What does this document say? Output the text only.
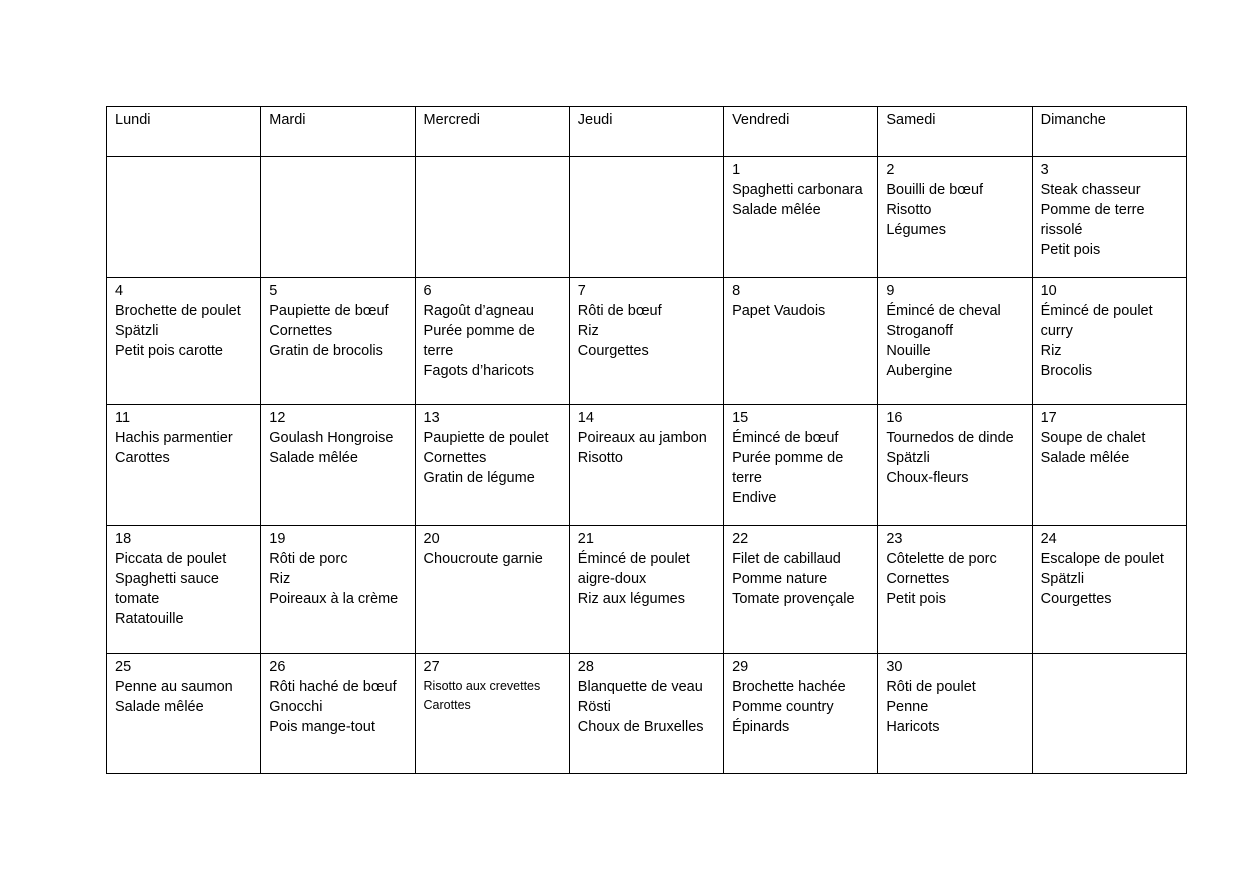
Lundi	Mardi	Mercredi	Jeudi	Vendredi	Samedi	Dimanche

				1
Spaghetti carbonara
Salade mêlée	2
Bouilli de bœuf
Risotto
Légumes	3
Steak chasseur
Pomme de terre rissolé
Petit pois

4
Brochette de poulet
Spätzli
Petit pois carotte	5
Paupiette de bœuf
Cornettes
Gratin de brocolis	6
Ragoût d’agneau
Purée pomme de terre
Fagots d’haricots	7
Rôti de bœuf
Riz
Courgettes	8
Papet Vaudois	9
Émincé de cheval Stroganoff
Nouille
Aubergine	10
Émincé de poulet curry
Riz
Brocolis

11
Hachis parmentier
Carottes	12
Goulash Hongroise
Salade mêlée	13
Paupiette de poulet
Cornettes
Gratin de légume	14
Poireaux au jambon
Risotto	15
Émincé de bœuf
Purée pomme de terre
Endive	16
Tournedos de dinde
Spätzli
Choux-fleurs	17
Soupe de chalet
Salade mêlée

18
Piccata de poulet
Spaghetti sauce tomate
Ratatouille	19
Rôti de porc
Riz
Poireaux à la crème	20
Choucroute garnie	21
Émincé de poulet aigre-doux
Riz aux légumes	22
Filet de cabillaud
Pomme nature
Tomate provençale	23
Côtelette de porc
Cornettes
Petit pois	24
Escalope de poulet
Spätzli
Courgettes

25
Penne au saumon
Salade mêlée	26
Rôti haché de bœuf
Gnocchi
Pois mange-tout	27
Risotto aux crevettes
Carottes	28
Blanquette de veau
Rösti
Choux de Bruxelles	29
Brochette hachée
Pomme country
Épinards	30
Rôti de poulet
Penne
Haricots	
